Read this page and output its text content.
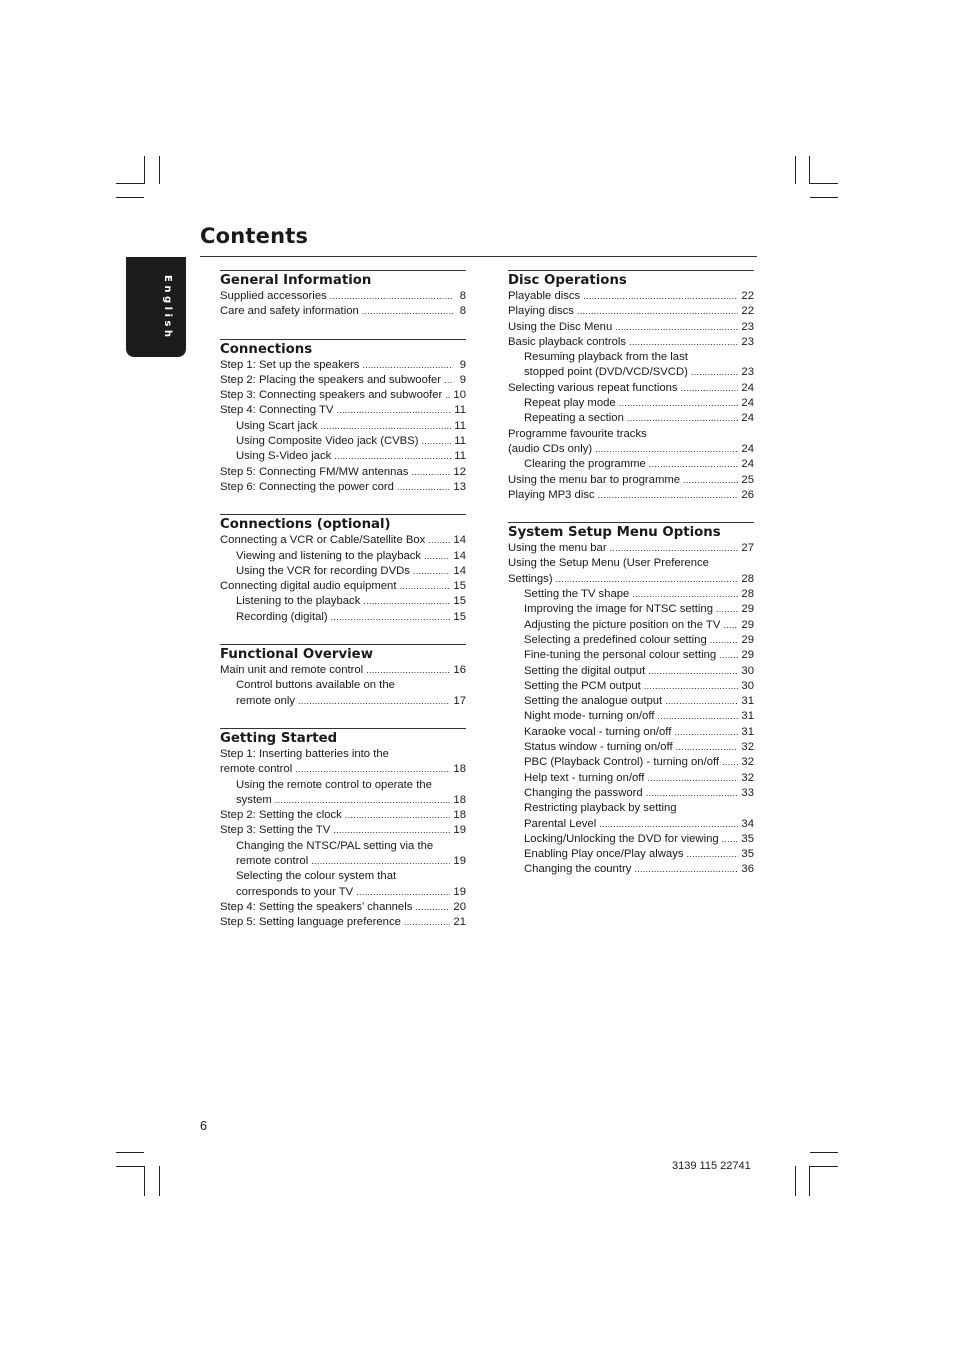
Contents
English	General Information
Supplied accessories .....	8
Care and safety information .....	8
Connections
Step 1: Set up the speakers .....	9
Step 2: Placing the speakers and subwoofer .....	9
Step 3: Connecting speakers and subwoofer ..... 10
Step 4: Connecting TV .....	11
Using Scart jack .....	11
Using Composite Video jack (CVBS) .....	11
Using S-Video jack .....	11
Step 5: Connecting FM/MW antennas .....	12
Step 6: Connecting the power cord .....	13
Connections (optional)
Connecting a VCR or Cable/Satellite Box ..... 14
Viewing and listening to the playback .....	14
Using the VCR for recording DVDs .....	14
Connecting digital audio equipment .....	15
Listening to the playback .....	15
Recording (digital) .....	15
Functional Overview
Main unit and remote control .....	16
Control buttons available on the
remote only .....	17
Getting Started
Step 1: Inserting batteries into the
remote control .....	18
Using the remote control to operate the
system .....	18
Step 2: Setting the clock .....	18
Step 3: Setting the TV .....	19
Changing the NTSC/PAL setting via the
remote control .....	19
Selecting the colour system that
corresponds to your TV .....	19
Step 4: Setting the speakers’ channels .....	20
Step 5: Setting language preference .....	21
Disc Operations
Playable discs .....	22
Playing discs .....	22
Using the Disc Menu .....	23
Basic playback controls .....	23
Resuming playback from the last
stopped point (DVD/VCD/SVCD) .....	23
Selecting various repeat functions .....	24
Repeat play mode .....	24
Repeating a section .....	24
Programme favourite tracks
(audio CDs only) .....	24
Clearing the programme .....	24
Using the menu bar to programme .....	25
Playing MP3 disc .....	26
System Setup Menu Options
Using the menu bar .....	27
Using the Setup Menu (User Preference
Settings) .....	28
Setting the TV shape .....	28
Improving the image for NTSC setting .....	29
Adjusting the picture position on the TV ..... 29
Selecting a predefined colour setting .....	29
Fine-tuning the personal colour setting ..... 29
Setting the digital output .....	30
Setting the PCM output .....	30
Setting the analogue output .....	31
Night mode- turning on/off .....	31
Karaoke vocal - turning on/off .....	31
Status window - turning on/off .....	32
PBC (Playback Control) - turning on/off ..... 32
Help text - turning on/off .....	32
Changing the password .....	33
Restricting playback by setting
Parental Level .....	34
Locking/Unlocking the DVD for viewing ..... 35
Enabling Play once/Play always .....	35
Changing the country .....	36
6
3139 115 22741
